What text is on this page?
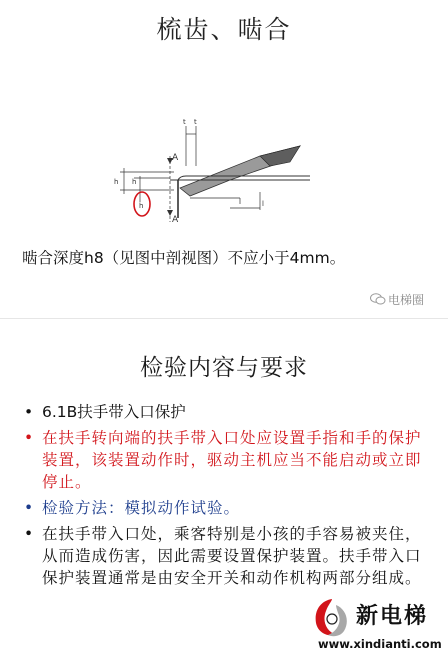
梳齿、啮合
t t
h h
h
A
A
l
啮合深度h8（见图中剖视图）不应小于4mm。
电梯圈
检验内容与要求
• 6.1B扶手带入口保护
• 在扶手转向端的扶手带入口处应设置手指和手的保护装置，该装置动作时，驱动主机应当不能启动或立即停止。
• 检验方法：模拟动作试验。
• 在扶手带入口处，乘客特别是小孩的手容易被夹住，从而造成伤害，因此需要设置保护装置。扶手带入口保护装置通常是由安全开关和动作机构两部分组成。
新电梯
www.xindianti.com
